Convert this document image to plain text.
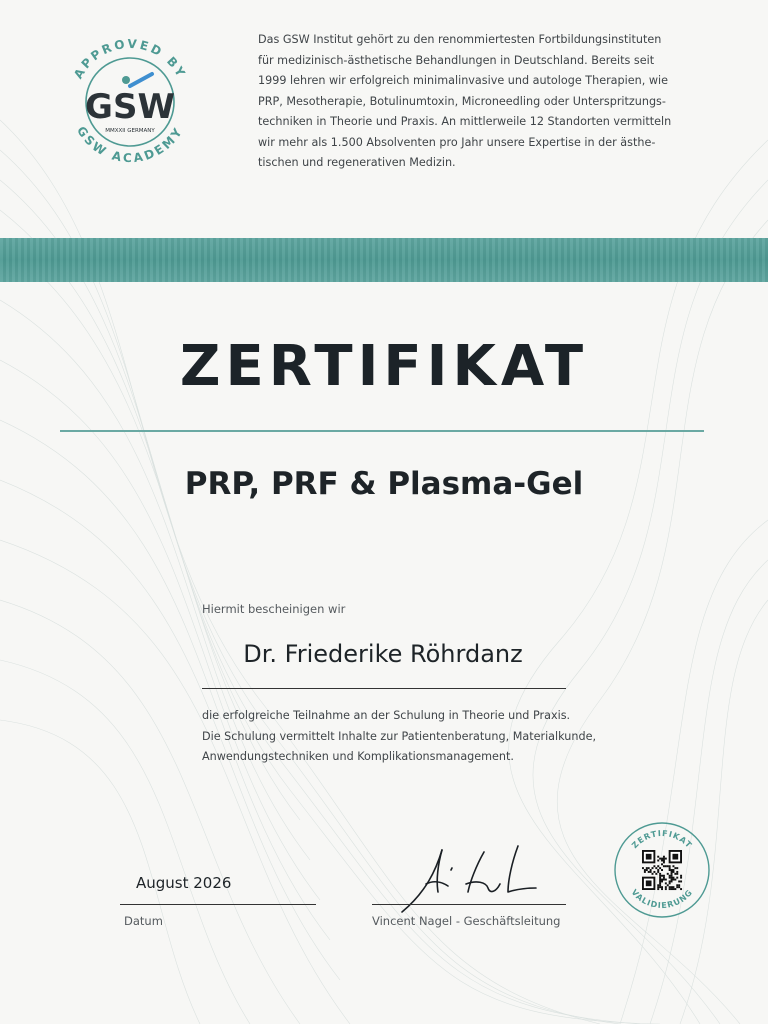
APPROVED BY
GSW ACADEMY
GSW
MMXXII GERMANY

Das GSW Institut gehört zu den renommiertesten Fortbildungsinstituten
für medizinisch-ästhetische Behandlungen in Deutschland. Bereits seit
1999 lehren wir erfolgreich minimalinvasive und autologe Therapien, wie
PRP, Mesotherapie, Botulinumtoxin, Microneedling oder Unterspritzungs-
techniken in Theorie und Praxis. An mittlerweile 12 Standorten vermitteln
wir mehr als 1.500 Absolventen pro Jahr unsere Expertise in der ästhe-
tischen und regenerativen Medizin.

ZERTIFIKAT
PRP, PRF & Plasma-Gel
Hiermit bescheinigen wir
Dr. Friederike Röhrdanz

die erfolgreiche Teilnahme an der Schulung in Theorie und Praxis.
Die Schulung vermittelt Inhalte zur Patientenberatung, Materialkunde,
Anwendungstechniken und Komplikationsmanagement.

August 2026
Datum	Vincent Nagel - Geschäftsleitung
ZERTIFIKAT
VALIDIERUNG
